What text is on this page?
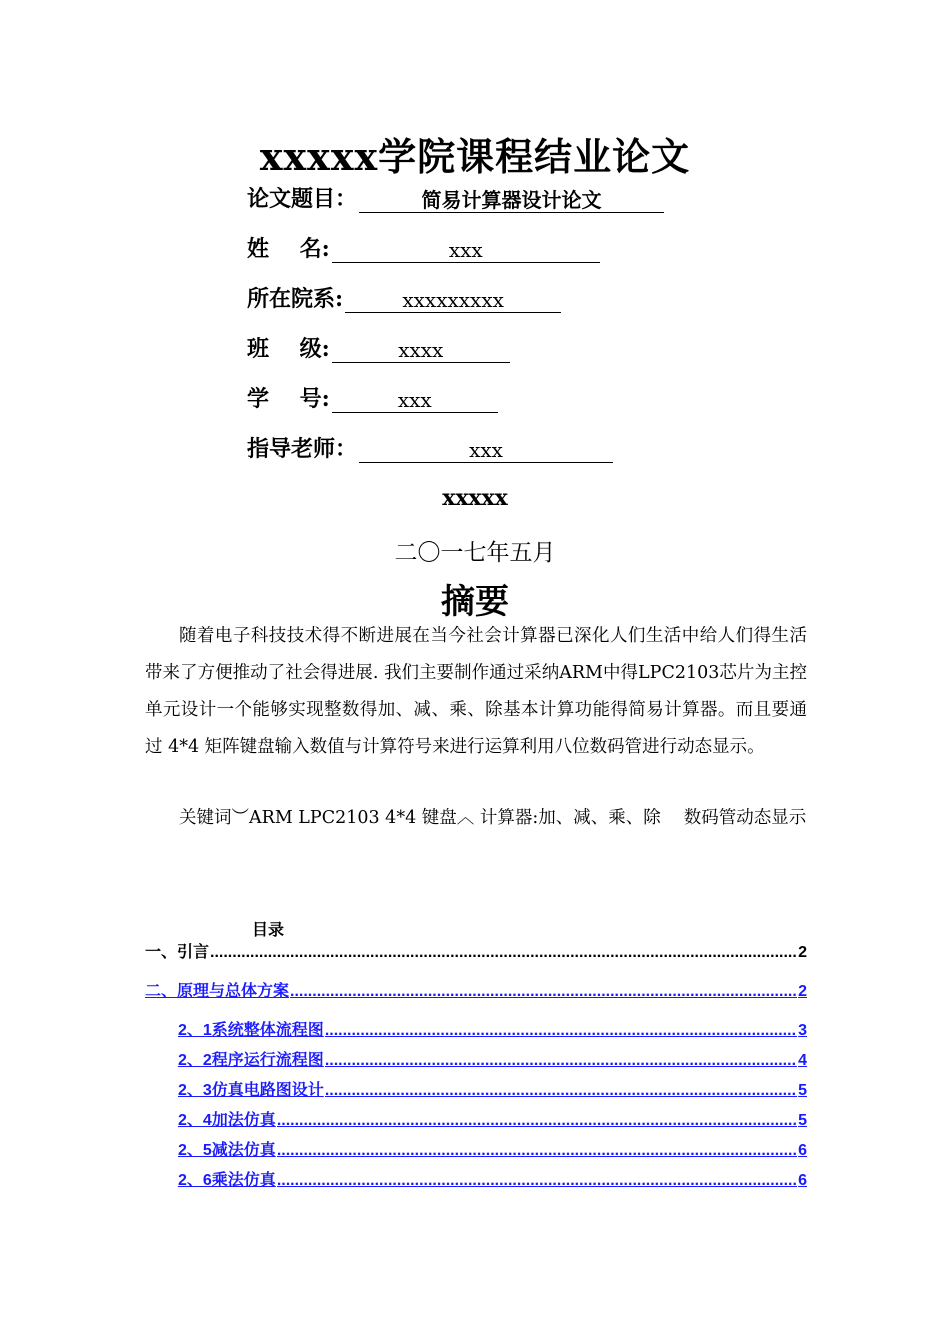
xxxxx学院课程结业论文
论文题目：	简易计算器设计论文
姓    名:	xxx
所在院系:	xxxxxxxxx
班    级:	xxxx
学    号:	xxx
指导老师：	xxx
xxxxx
二〇一七年五月
摘要

随着电子科技技术得不断进展在当今社会计算器已深化人们生活中给人们得生活带来了方便推动了社会得进展. 我们主要制作通过采纳ARM中得LPC2103芯片为主控单元设计一个能够实现整数得加、减、乘、除基本计算功能得简易计算器。而且要通过 4*4 矩阵键盘输入数值与计算符号来进行运算利用八位数码管进行动态显示。

关键词︶ARM LPC2103 4*4 键盘︿ 计算器:加、减、乘、除　 数码管动态显示

目录
一、引言 .....	2
二、原理与总体方案 .....	2
2、1系统整体流程图 .....	3
2、2程序运行流程图 .....	4
2、3仿真电路图设计 .....	5
2、4加法仿真 .....	5
2、5减法仿真 .....	6
2、6乘法仿真 .....	6
